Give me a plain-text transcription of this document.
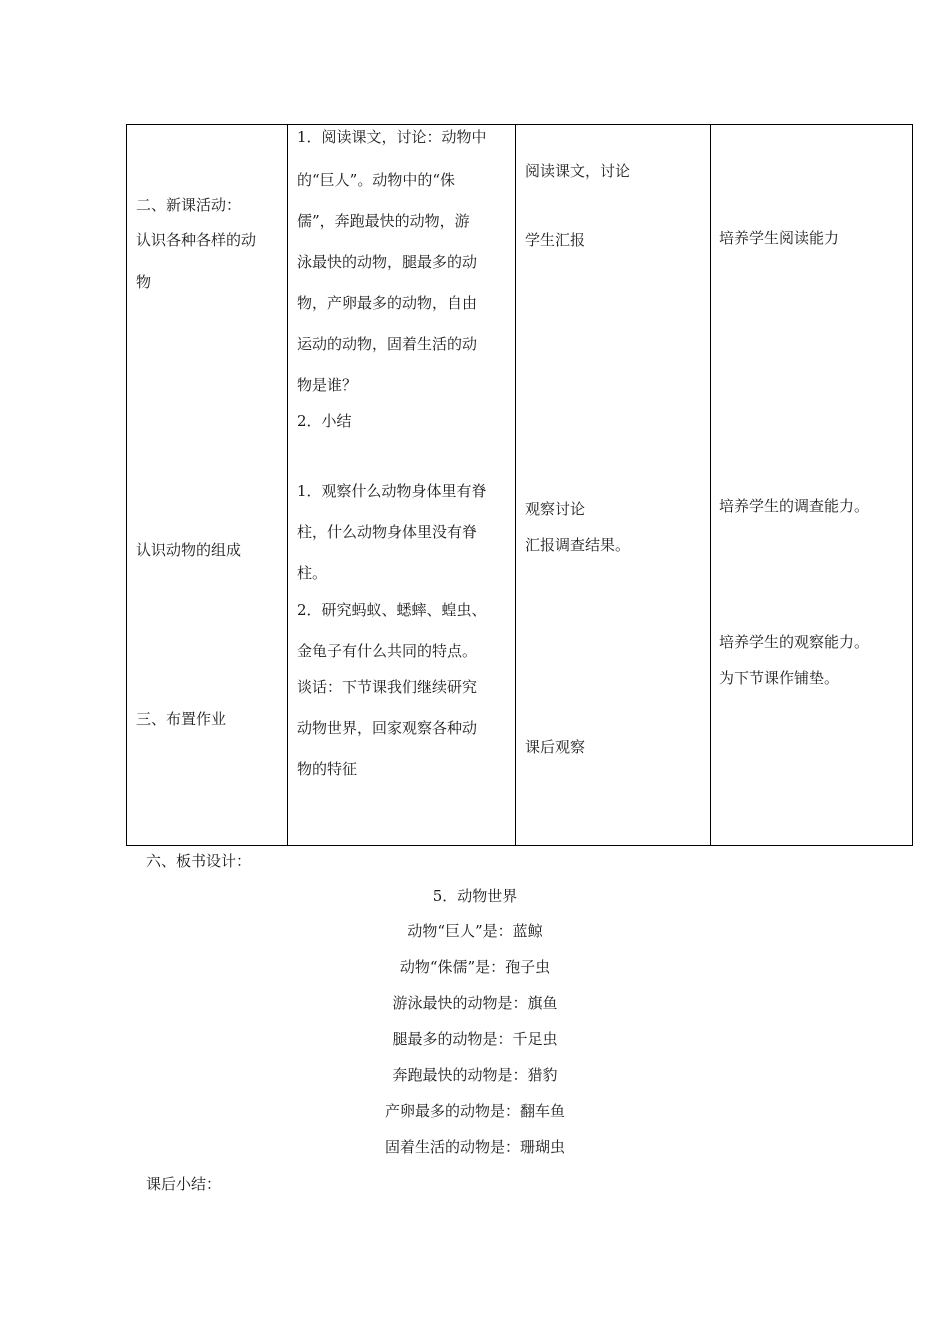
二、新课活动：
认识各种各样的动
物
认识动物的组成
三、布置作业
1．阅读课文，讨论：动物中
的“巨人”。动物中的“侏
儒”，奔跑最快的动物，游
泳最快的动物，腿最多的动
物，产卵最多的动物，自由
运动的动物，固着生活的动
物是谁？
2．小结
1．观察什么动物身体里有脊
柱，什么动物身体里没有脊
柱。
2．研究蚂蚁、蟋蟀、蝗虫、
金龟子有什么共同的特点。
谈话：下节课我们继续研究
动物世界，回家观察各种动
物的特征
阅读课文，讨论
学生汇报
观察讨论
汇报调查结果。
课后观察
培养学生阅读能力
培养学生的调查能力。
培养学生的观察能力。
为下节课作铺垫。
六、板书设计：
5．动物世界
动物“巨人”是：蓝鲸
动物“侏儒”是：孢子虫
游泳最快的动物是：旗鱼
腿最多的动物是：千足虫
奔跑最快的动物是：猎豹
产卵最多的动物是：翻车鱼
固着生活的动物是：珊瑚虫
课后小结：
